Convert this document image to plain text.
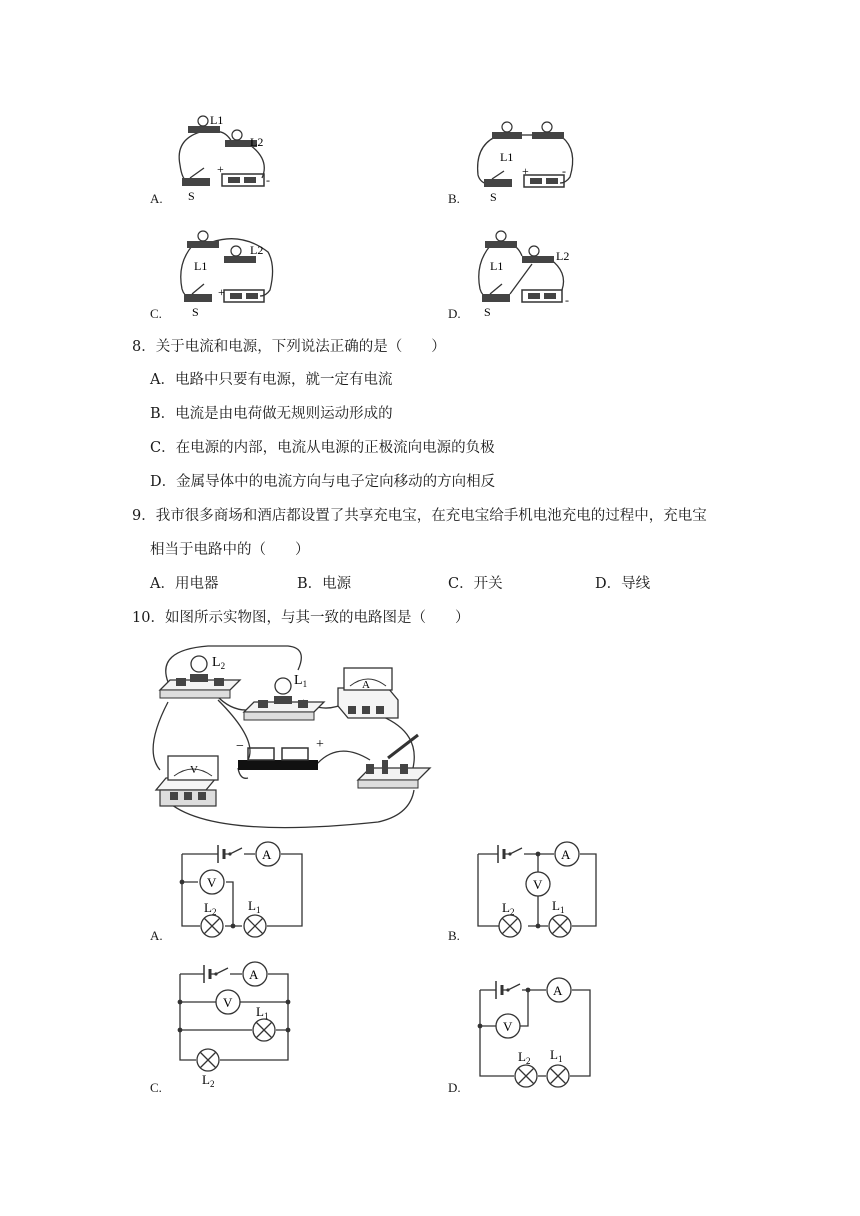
L1
L2
+
-
S
A.
L1
+	-
S
B.
L1
L2
+
S
C.
L1
L2
-
S
D.
8．关于电流和电源，下列说法正确的是（　　）
A．电路中只要有电源，就一定有电流
B．电流是由电荷做无规则运动形成的
C．在电源的内部，电流从电源的正极流向电源的负极
D．金属导体中的电流方向与电子定向移动的方向相反
9．我市很多商场和酒店都设置了共享充电宝，在充电宝给手机电池充电的过程中，充电宝
相当于电路中的（　　）
A．用电器	B．电源	C．开关	D．导线
10．如图所示实物图，与其一致的电路图是（　　）
$L_2$
$L_1$	A
V
−	+
A
V
$L_2$ $L_1$
A.
A
V
$L_2$	$L_1$
B.
A
V
$L_1$
$L_2$
C.
A
V
$L_2$ $L_1$
D.
